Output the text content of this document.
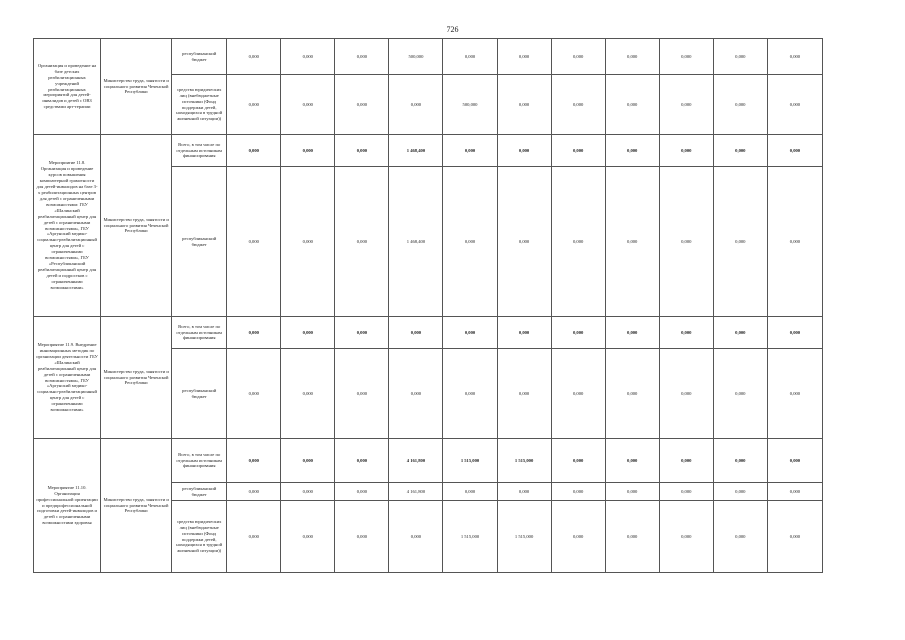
726
Организация и проведение на базе детских реабилитационных учреждений реабилитационных мероприятий для детей-инвалидов и детей с ОВЗ средствами арт-терапии	Министерство труда, занятости и социального развития Чеченской Республики	республиканский бюджет	0,000	0,000	0,000	500,000	0,000	0,000	0,000	0,000	0,000	0,000	0,000
		средства юридических лиц (внебюджетные источники (Фонд поддержки детей, находящихся в трудной жизненной ситуации))	0,000	0,000	0,000	0,000	500,000	0,000	0,000	0,000	0,000	0,000	0,000
Мероприятие 11.8. Организация и проведение курсов повышения компьютерной грамотности для детей-инвалидов на базе 3-х реабилитационных центров для детей с ограниченными возможностями: ГБУ «Шалинский реабилитационный центр для детей с ограниченными возможностями», ГБУ «Аргунский медико-социально-реабилитационный центр для детей с ограниченными возможностями», ГБУ «Республиканский реабилитационный центр для детей и подростков с ограниченными возможностями»	Министерство труда, занятости и социального развития Чеченской Республики	Всего, в том числе по отдельным источникам финансирования	0,000	0,000	0,000	1 468,400	0,000	0,000	0,000	0,000	0,000	0,000	0,000
		республиканский бюджет	0,000	0,000	0,000	1 468,400	0,000	0,000	0,000	0,000	0,000	0,000	0,000
Мероприятие 11.9. Внедрение инновационных методик по организации деятельности ГБУ «Шалинский реабилитационный центр для детей с ограниченными возможностями», ГБУ «Аргунский медико-социально-реабилитационный центр для детей с ограниченными возможностями»	Министерство труда, занятости и социального развития Чеченской Республики	Всего, в том числе по отдельным источникам финансирования	0,000	0,000	0,000	0,000	0,000	0,000	0,000	0,000	0,000	0,000	0,000
		республиканский бюджет	0,000	0,000	0,000	0,000	0,000	0,000	0,000	0,000	0,000	0,000	0,000
Мероприятие 11.10. Организация профессиональной ориентации и предпрофессиональной подготовки детей-инвалидов и детей с ограниченными возможностями здоровья	Министерство труда, занятости и социального развития Чеченской Республики	Всего, в том числе по отдельным источникам финансирования	0,000	0,000	0,000	4 161,800	1 515,000	1 515,000	0,000	0,000	0,000	0,000	0,000
		республиканский бюджет	0,000	0,000	0,000	4 161,800	0,000	0,000	0,000	0,000	0,000	0,000	0,000
		средства юридических лиц (внебюджетные источники (Фонд поддержки детей, находящихся в трудной жизненной ситуации))	0,000	0,000	0,000	0,000	1 515,000	1 515,000	0,000	0,000	0,000	0,000	0,000
